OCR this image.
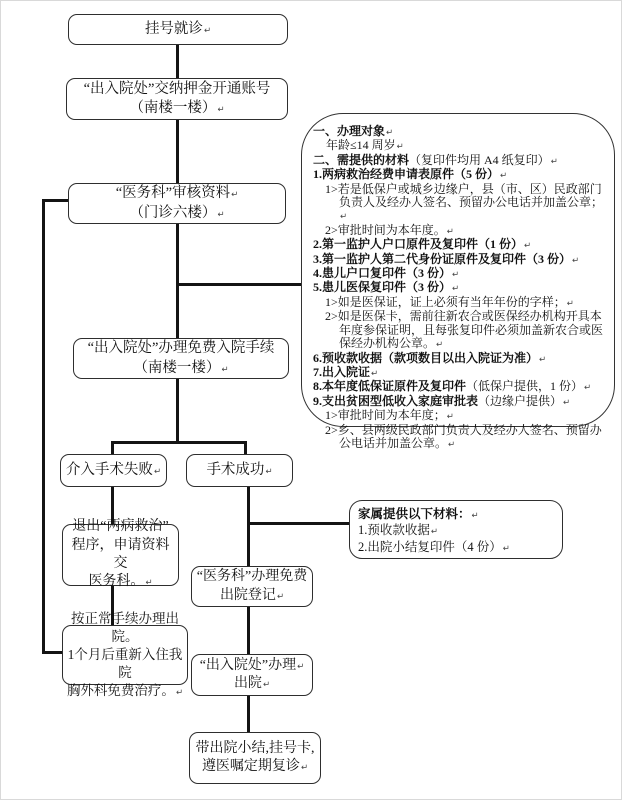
挂号就诊↵
“出入院处”交纳押金开通账号
（南楼一楼）↵
“医务科”审核资料↵
（门诊六楼）↵
“出入院处”办理免费入院手续
（南楼一楼）↵
介入手术失败↵	手术成功↵
退出“两病救治”
程序，申请资料交
医务科。↵	“医务科”办理免费
出院登记↵
按正常手续办理出院。
1个月后重新入住我院
胸外科免费治疗。↵
“出入院处”办理↵
出院↵
带出院小结,挂号卡,
遵医嘱定期复诊↵
一、办理对象↵
年龄≤14 周岁↵
二、需提供的材料（复印件均用 A4 纸复印）↵
1.两病救治经费申请表原件（5 份）↵
1>若是低保户或城乡边缘户，县（市、区）民政部门负责人及经办人签名、预留办公电话并加盖公章；↵
2>审批时间为本年度。↵
2.第一监护人户口原件及复印件（1 份）↵
3.第一监护人第二代身份证原件及复印件（3 份）↵
4.患儿户口复印件（3 份）↵
5.患儿医保复印件（3 份）↵
1>如是医保证，证上必须有当年年份的字样；↵
2>如是医保卡，需前往新农合或医保经办机构开具本年度参保证明，且每张复印件必须加盖新农合或医保经办机构公章。↵
6.预收款收据（款项数目以出入院证为准）↵
7.出入院证↵
8.本年度低保证原件及复印件（低保户提供，1 份）↵
9.支出贫困型低收入家庭审批表（边缘户提供）↵
1>审批时间为本年度；↵
2>乡、县两级民政部门负责人及经办人签名、预留办公电话并加盖公章。↵
家属提供以下材料：↵
1.预收款收据↵
2.出院小结复印件（4 份）↵
